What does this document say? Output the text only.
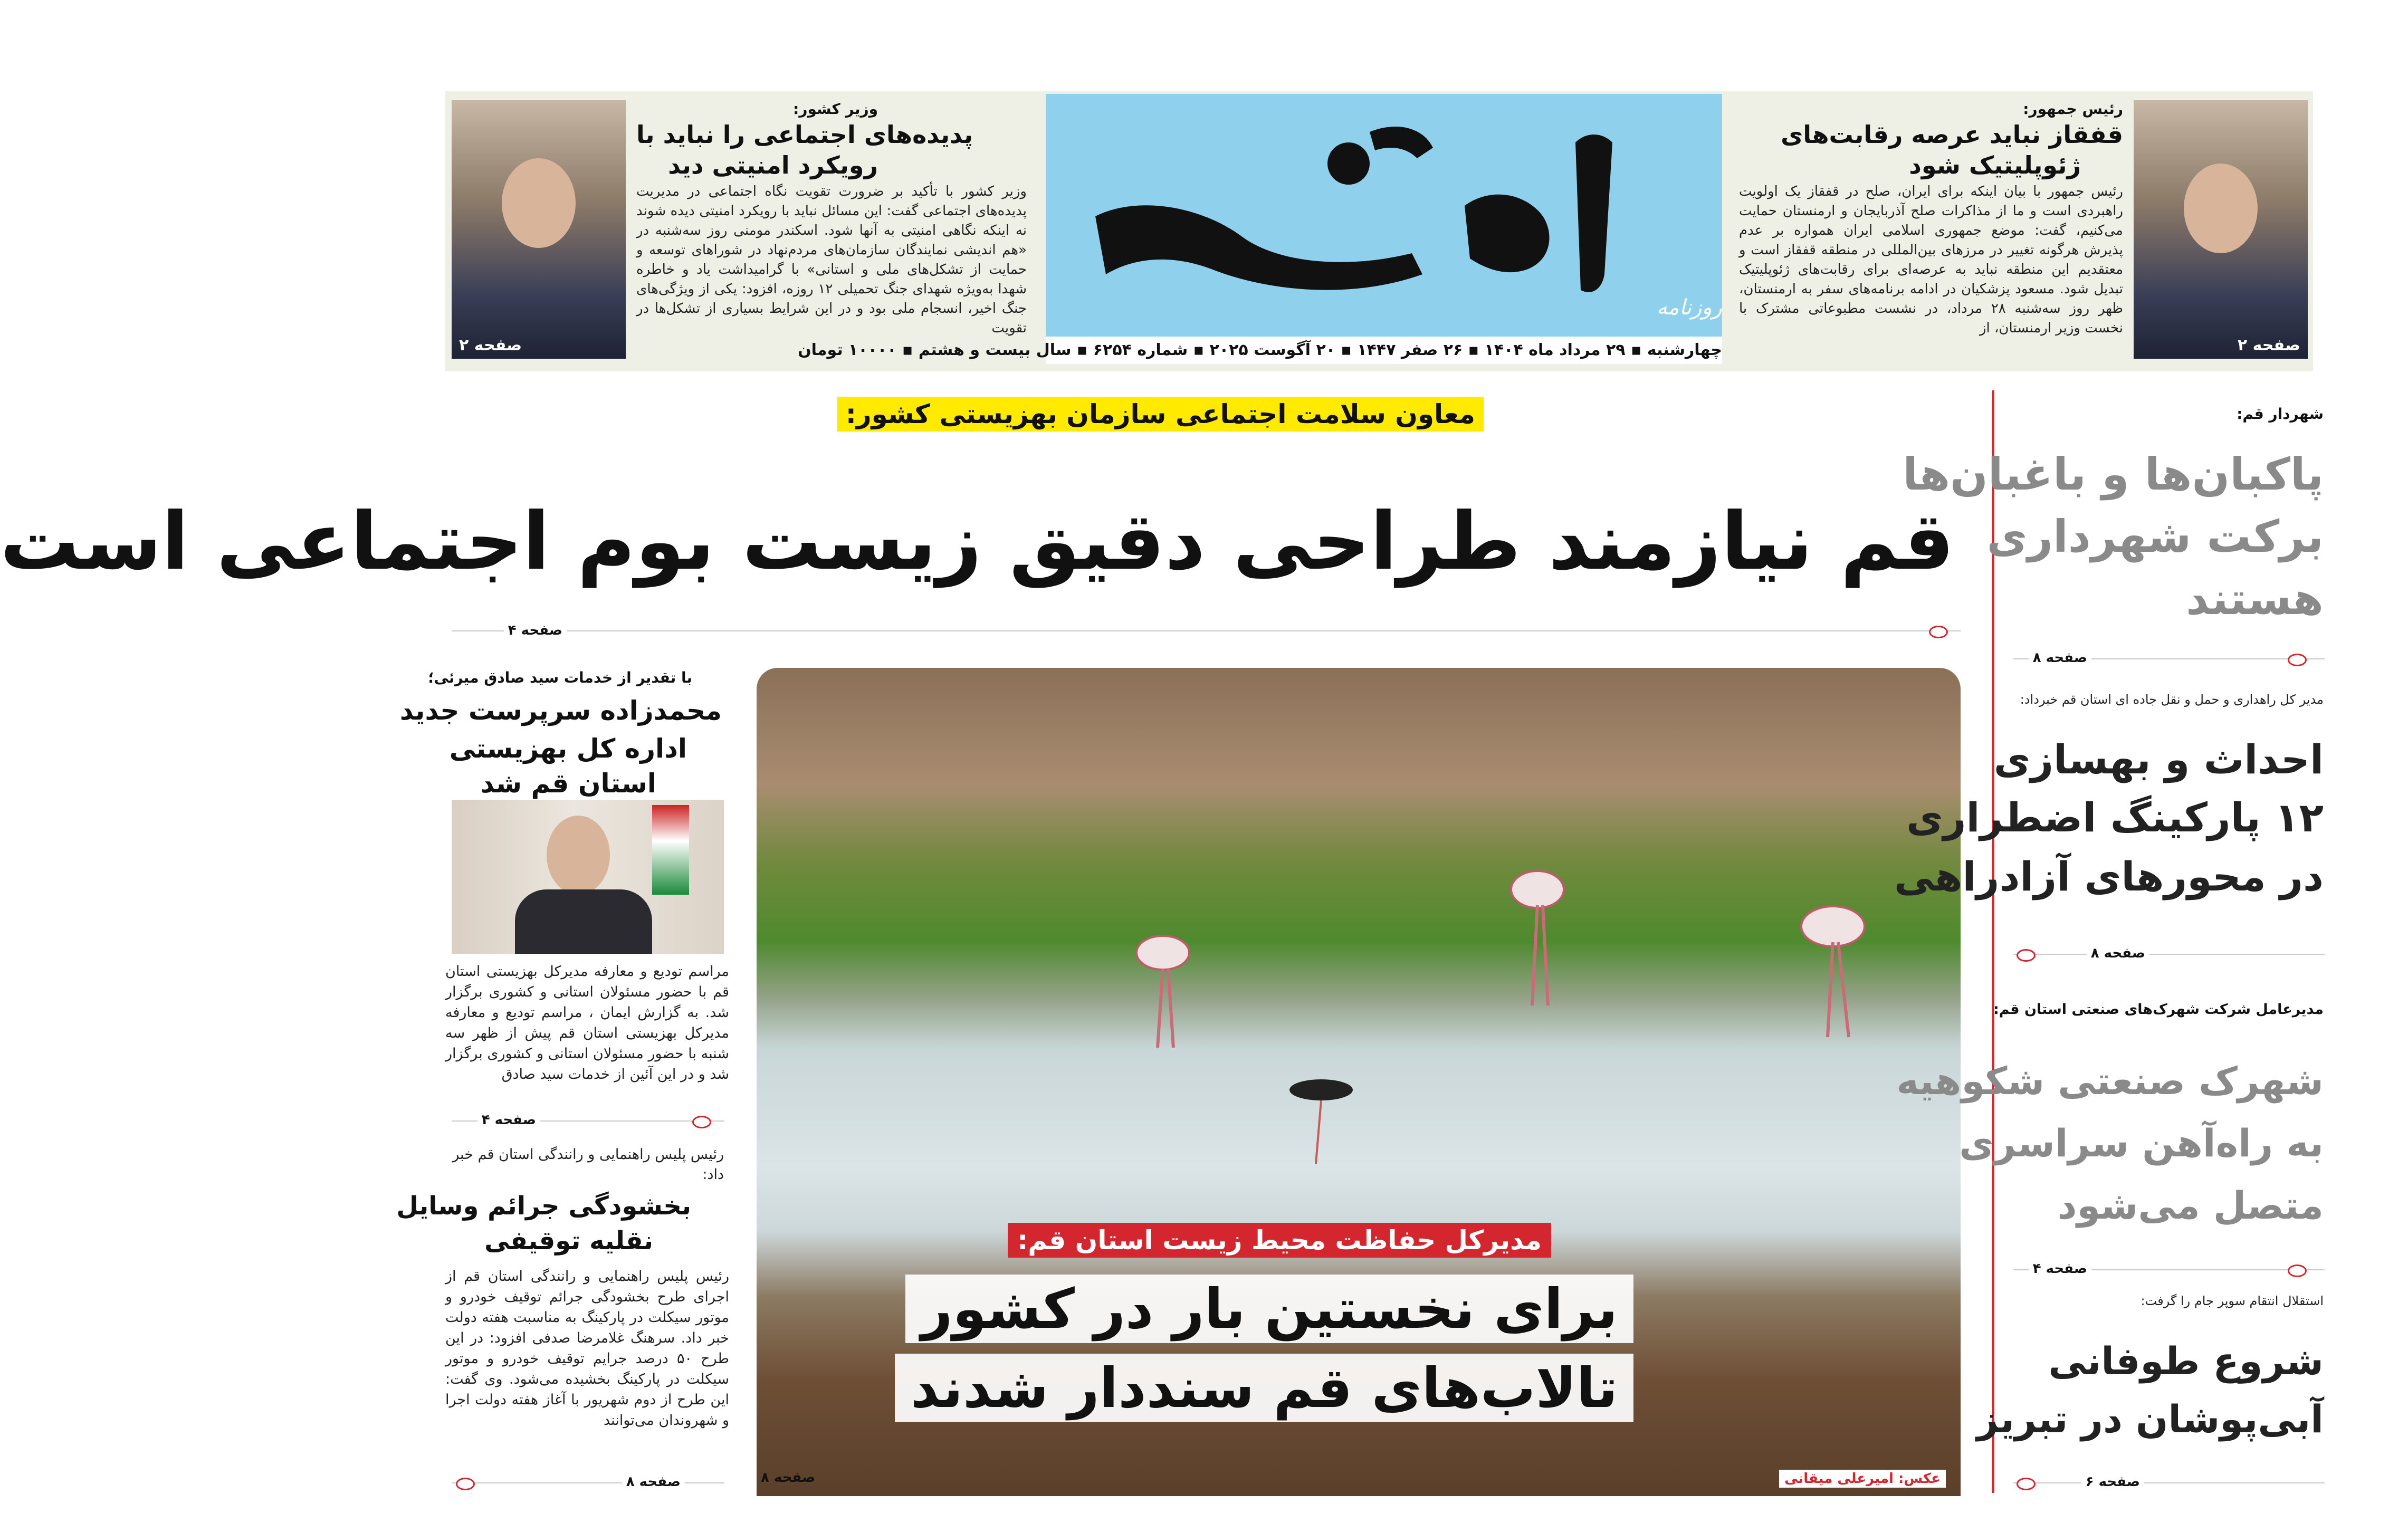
روزنامه
چهارشنبه ▪ ۲۹ مرداد ماه ۱۴۰۴ ▪ ۲۶ صفر ۱۴۴۷ ▪ ۲۰ آگوست ۲۰۲۵ ▪ شماره ۶۲۵۴ ▪ سال بیست و هشتم ▪ ۱۰۰۰۰ تومان	صفحه ۲
رئیس جمهور:
قفقاز نباید عرصه رقابت‌های
ژئوپلیتیک شود
رئیس جمهور با بیان اینکه برای ایران، صلح در قفقاز یک اولویت راهبردی است و ما از مذاکرات صلح آذربایجان و ارمنستان حمایت می‌کنیم، گفت: موضع جمهوری اسلامی ایران همواره بر عدم پذیرش هرگونه تغییر در مرزهای بین‌المللی در منطقه قفقاز است و معتقدیم این منطقه نباید به عرصه‌ای برای رقابت‌های ژئوپلیتیک تبدیل شود. مسعود پزشکیان در ادامه برنامه‌های سفر به ارمنستان، ظهر روز سه‌شنبه ۲۸ مرداد، در نشست مطبوعاتی مشترک با نخست وزیر ارمنستان، از
صفحه ۲
وزیر کشور:
پدیده‌های اجتماعی را نباید با
رویکرد امنیتی دید
وزیر کشور با تأکید بر ضرورت تقویت نگاه اجتماعی در مدیریت پدیده‌های اجتماعی گفت: این مسائل نباید با رویکرد امنیتی دیده شوند نه اینکه نگاهی امنیتی به آنها شود. اسکندر مومنی روز سه‌شنبه در «هم اندیشی نمایندگان سازمان‌های مردم‌نهاد در شوراهای توسعه و حمایت از تشکل‌های ملی و استانی» با گرامیداشت یاد و خاطره شهدا به‌ویژه شهدای جنگ تحمیلی ۱۲ روزه، افزود: یکی از ویژگی‌های جنگ اخیر، انسجام ملی بود و در این شرایط بسیاری از تشکل‌ها در تقویت
معاون سلامت اجتماعی سازمان بهزیستی کشور:
قم نیازمند طراحی دقیق زیست بوم اجتماعی است
صفحه ۴
مدیرکل حفاظت محیط زیست استان قم:
برای نخستین بار در کشور
تالاب‌های قم سنددار شدند
عکس: امیرعلی میقانی
صفحه ۸
با تقدیر از خدمات سید صادق میرئی؛
محمدزاده سرپرست جدید
اداره کل بهزیستی
استان قم شد
مراسم تودیع و معارفه مدیرکل بهزیستی استان قم با حضور مسئولان استانی و کشوری برگزار شد. به گزارش ایمان ، مراسم تودیع و معارفه مدیرکل بهزیستی استان قم پیش از ظهر سه شنبه با حضور مسئولان استانی و کشوری برگزار شد و در این آئین از خدمات سید صادق
صفحه ۴
رئیس پلیس راهنمایی و رانندگی استان قم خبر داد:
بخشودگی جرائم وسایل
نقلیه توقیفی
رئیس پلیس راهنمایی و رانندگی استان قم از اجرای طرح بخشودگی جرائم توقیف خودرو و موتور سیکلت در پارکینگ به مناسبت هفته دولت خبر داد. سرهنگ غلامرضا صدفی افزود: در این طرح ۵۰ درصد جرایم توقیف خودرو و موتور سیکلت در پارکینگ بخشیده می‌شود. وی گفت: این طرح از دوم شهریور با آغاز هفته دولت اجرا و شهروندان می‌توانند
صفحه ۸
شهردار قم:
پاکبان‌ها و باغبان‌ها
برکت شهرداری
هستند
صفحه ۸
مدیر کل راهداری و حمل و نقل جاده ای استان قم خبرداد:
احداث و بهسازی
۱۲ پارکینگ اضطراری
در محورهای آزادراهی
صفحه ۸
مدیرعامل شرکت شهرک‌های صنعتی استان قم:
شهرک صنعتی شکوهیه
به راه‌آهن سراسری
متصل می‌شود
صفحه ۴
استقلال انتقام سوپر جام را گرفت:
شروع طوفانی
آبی‌پوشان در تبریز
صفحه ۶
